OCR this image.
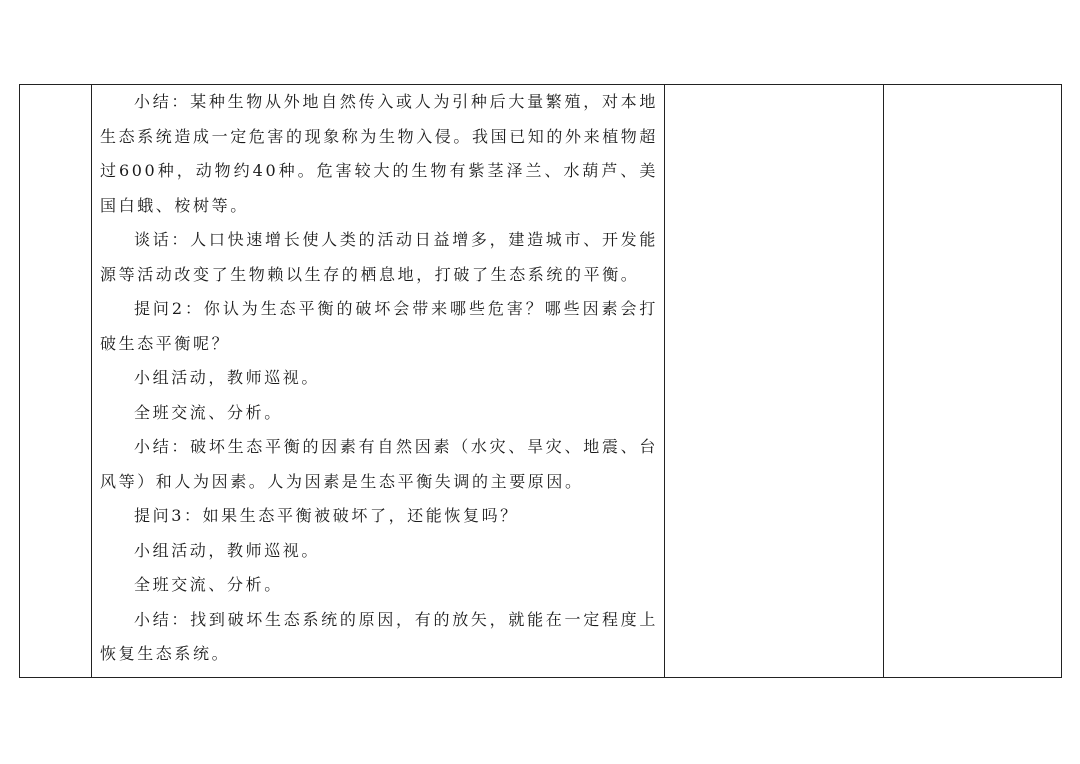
小结：某种生物从外地自然传入或人为引种后大量繁殖，对本地生态系统造成一定危害的现象称为生物入侵。我国已知的外来植物超过600种，动物约40种。危害较大的生物有紫茎泽兰、水葫芦、美国白蛾、桉树等。

谈话：人口快速增长使人类的活动日益增多，建造城市、开发能源等活动改变了生物赖以生存的栖息地，打破了生态系统的平衡。

提问2：你认为生态平衡的破坏会带来哪些危害？哪些因素会打破生态平衡呢？

小组活动，教师巡视。

全班交流、分析。

小结：破坏生态平衡的因素有自然因素（水灾、旱灾、地震、台风等）和人为因素。人为因素是生态平衡失调的主要原因。

提问3：如果生态平衡被破坏了，还能恢复吗？

小组活动，教师巡视。

全班交流、分析。

小结：找到破坏生态系统的原因，有的放矢，就能在一定程度上恢复生态系统。
